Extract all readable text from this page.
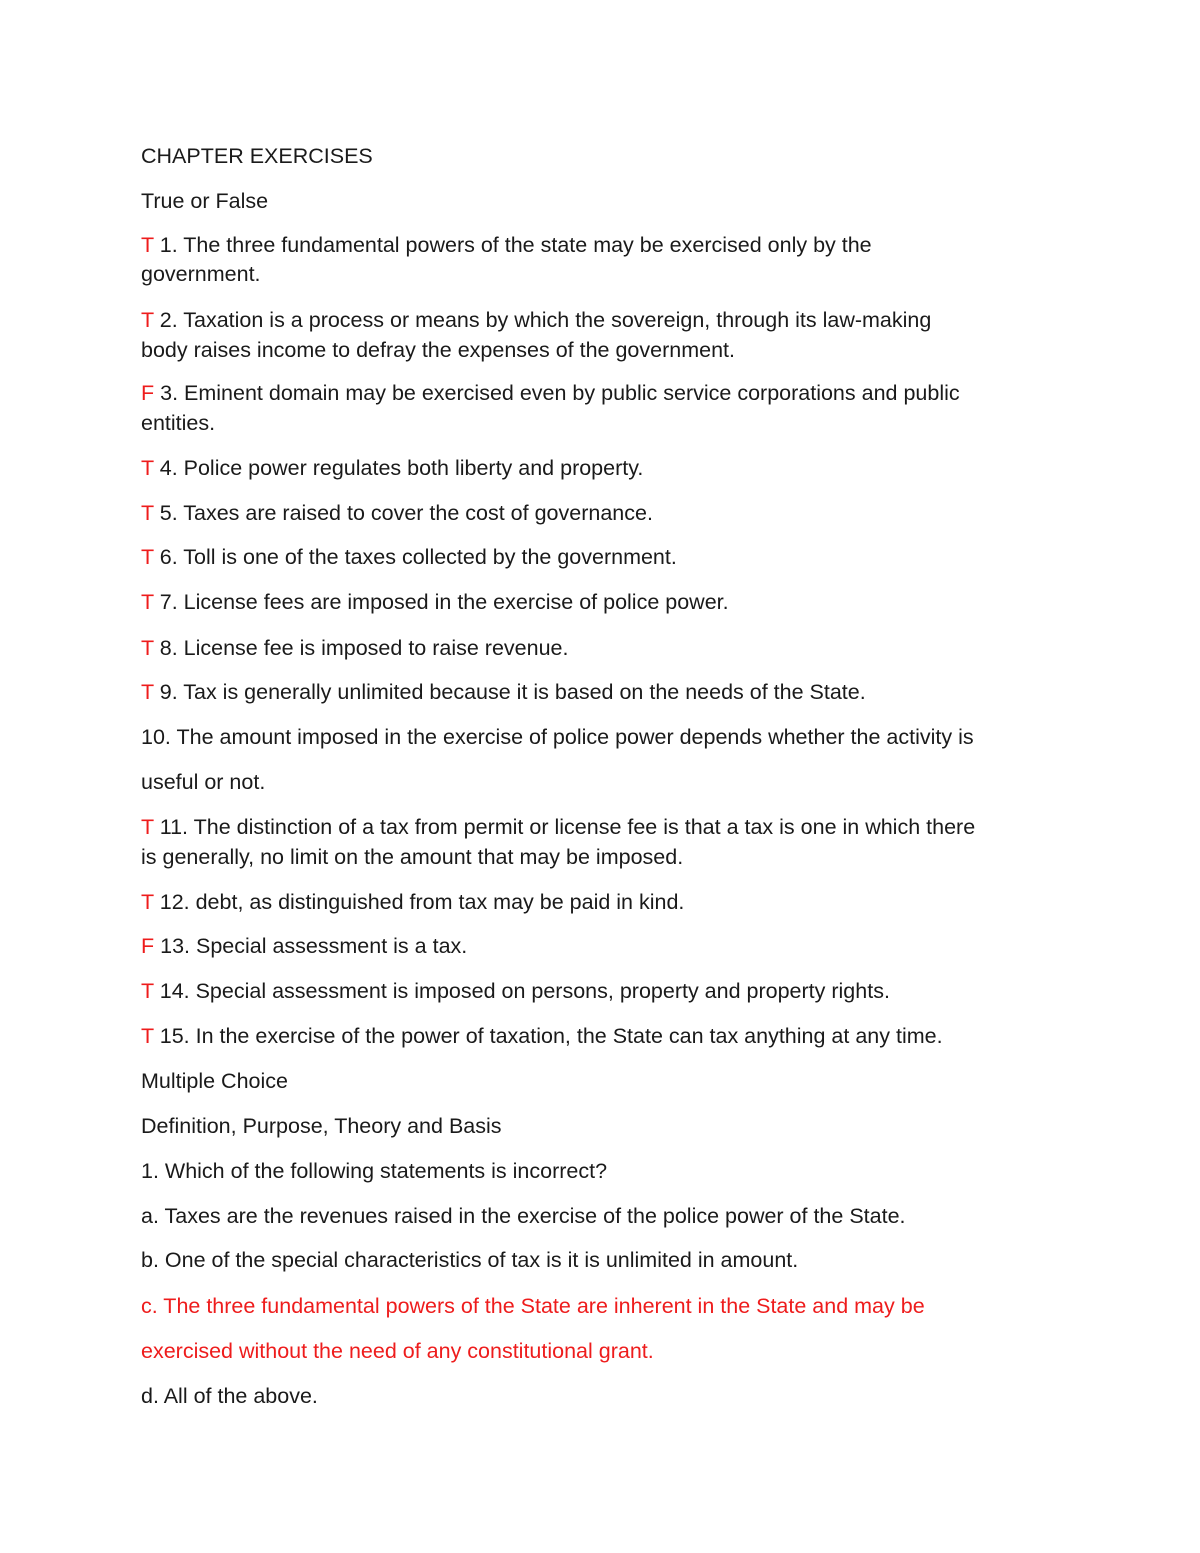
CHAPTER EXERCISES

True or False

T 1. The three fundamental powers of the state may be exercised only by the

government.

T 2. Taxation is a process or means by which the sovereign, through its law-making

body raises income to defray the expenses of the government.

F 3. Eminent domain may be exercised even by public service corporations and public

entities.

T 4. Police power regulates both liberty and property.

T 5. Taxes are raised to cover the cost of governance.

T 6. Toll is one of the taxes collected by the government.

T 7. License fees are imposed in the exercise of police power.

T 8. License fee is imposed to raise revenue.

T 9. Tax is generally unlimited because it is based on the needs of the State.

10. The amount imposed in the exercise of police power depends whether the activity is

useful or not.

T 11. The distinction of a tax from permit or license fee is that a tax is one in which there

is generally, no limit on the amount that may be imposed.

T 12. debt, as distinguished from tax may be paid in kind.

F 13. Special assessment is a tax.

T 14. Special assessment is imposed on persons, property and property rights.

T 15. In the exercise of the power of taxation, the State can tax anything at any time.

Multiple Choice

Definition, Purpose, Theory and Basis

1. Which of the following statements is incorrect?

a. Taxes are the revenues raised in the exercise of the police power of the State.

b. One of the special characteristics of tax is it is unlimited in amount.

c. The three fundamental powers of the State are inherent in the State and may be

exercised without the need of any constitutional grant.

d. All of the above.
